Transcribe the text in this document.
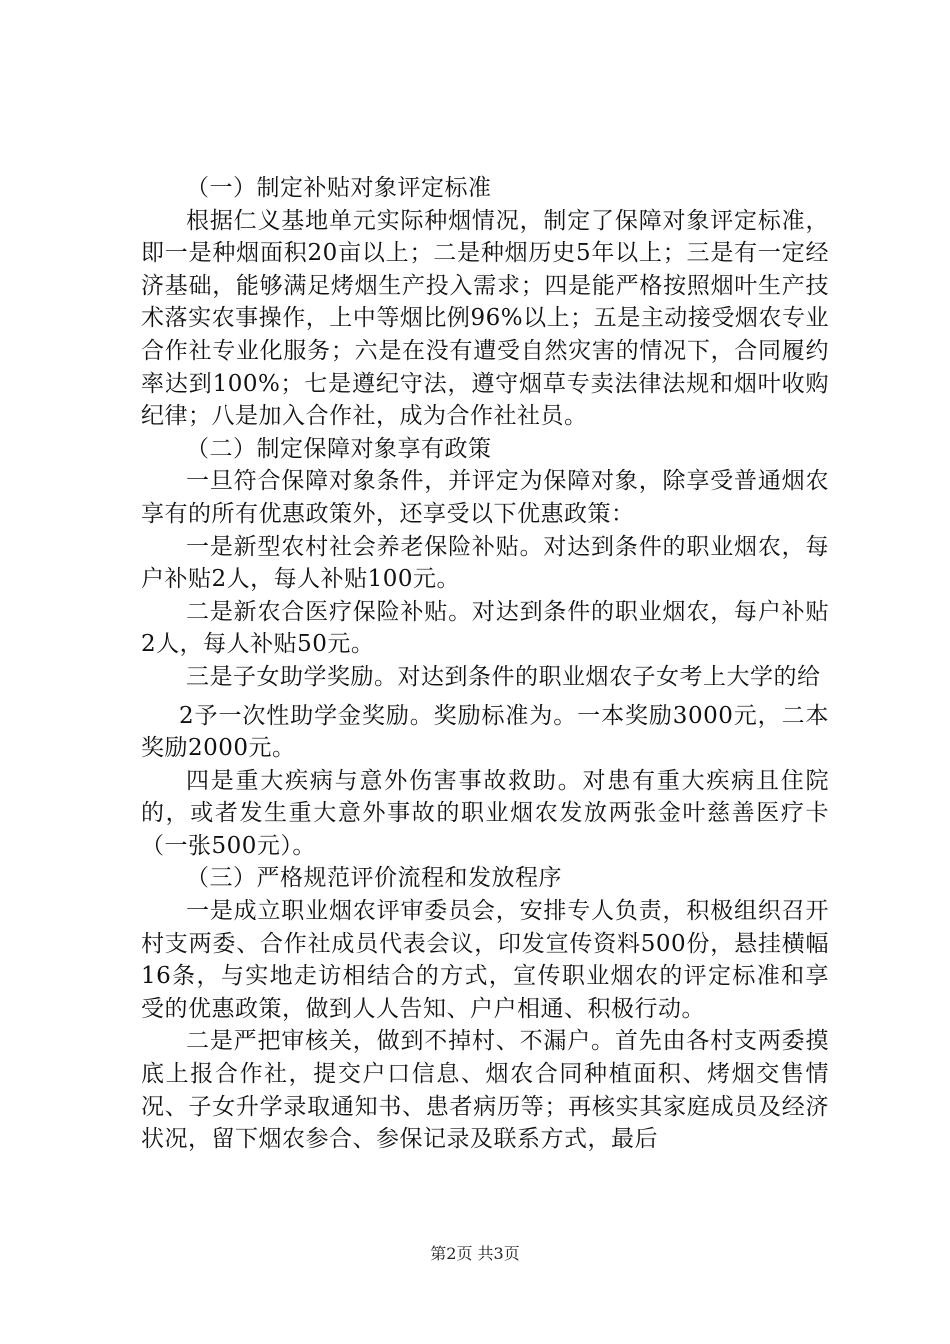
（一）制定补贴对象评定标准

根据仁义基地单元实际种烟情况，制定了保障对象评定标准，即一是种烟面积20亩以上；二是种烟历史5年以上；三是有一定经济基础，能够满足烤烟生产投入需求；四是能严格按照烟叶生产技术落实农事操作，上中等烟比例96%以上；五是主动接受烟农专业合作社专业化服务；六是在没有遭受自然灾害的情况下，合同履约率达到100%；七是遵纪守法，遵守烟草专卖法律法规和烟叶收购纪律；八是加入合作社，成为合作社社员。

（二）制定保障对象享有政策

一旦符合保障对象条件，并评定为保障对象，除享受普通烟农享有的所有优惠政策外，还享受以下优惠政策：

一是新型农村社会养老保险补贴。对达到条件的职业烟农，每户补贴2人，每人补贴100元。

二是新农合医疗保险补贴。对达到条件的职业烟农，每户补贴2人，每人补贴50元。

三是子女助学奖励。对达到条件的职业烟农子女考上大学的给

2予一次性助学金奖励。奖励标准为。一本奖励3000元，二本奖励2000元。

四是重大疾病与意外伤害事故救助。对患有重大疾病且住院的，或者发生重大意外事故的职业烟农发放两张金叶慈善医疗卡（一张500元）。

（三）严格规范评价流程和发放程序

一是成立职业烟农评审委员会，安排专人负责，积极组织召开村支两委、合作社成员代表会议，印发宣传资料500份，悬挂横幅16条，与实地走访相结合的方式，宣传职业烟农的评定标准和享受的优惠政策，做到人人告知、户户相通、积极行动。

二是严把审核关，做到不掉村、不漏户。首先由各村支两委摸底上报合作社，提交户口信息、烟农合同种植面积、烤烟交售情况、子女升学录取通知书、患者病历等；再核实其家庭成员及经济状况，留下烟农参合、参保记录及联系方式，最后

第2页 共3页
